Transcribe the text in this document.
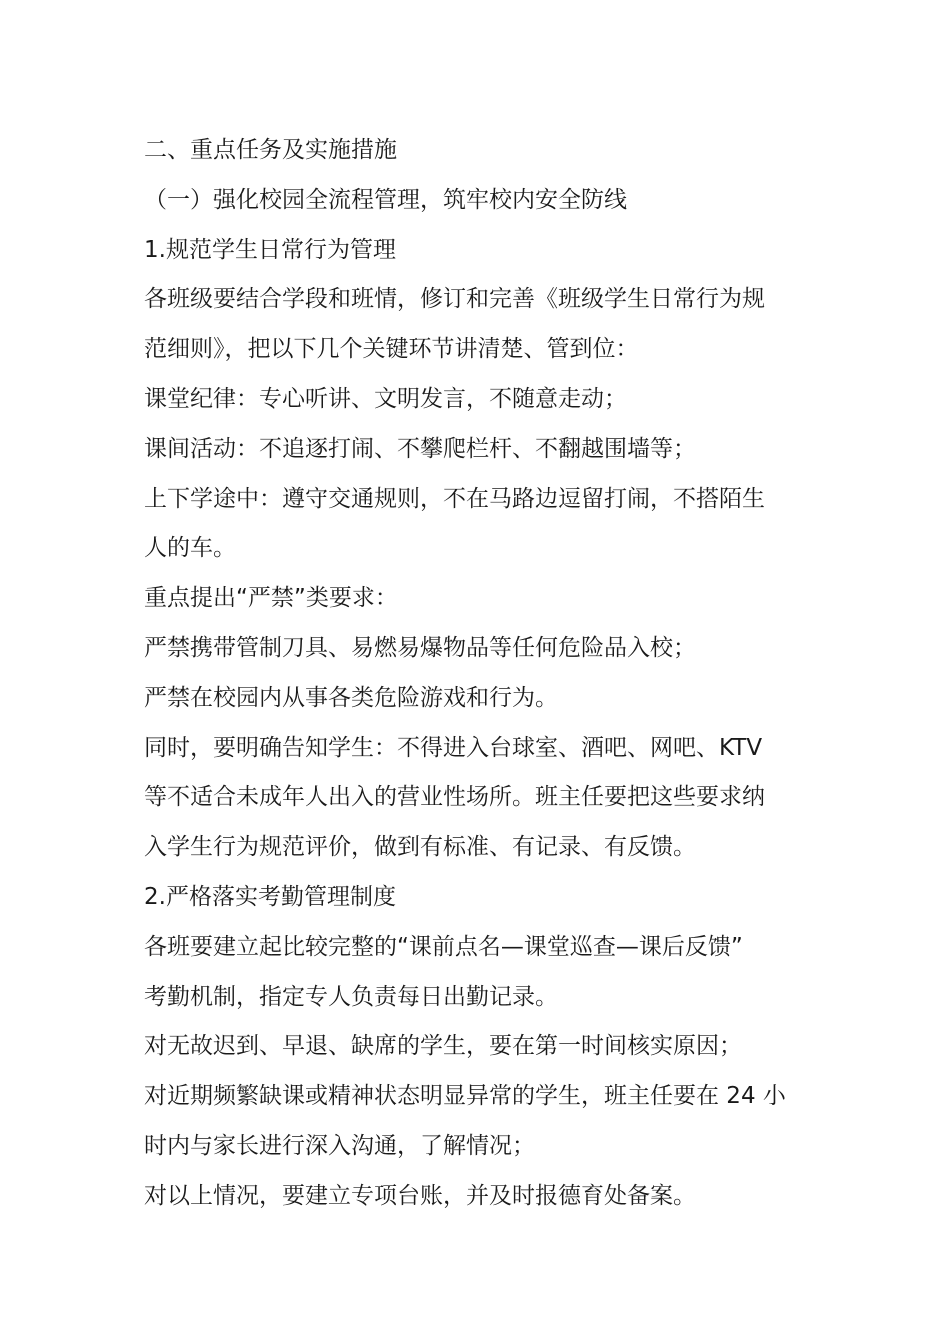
二、重点任务及实施措施

（一）强化校园全流程管理，筑牢校内安全防线

1.规范学生日常行为管理

各班级要结合学段和班情，修订和完善《班级学生日常行为规

范细则》，把以下几个关键环节讲清楚、管到位：

课堂纪律：专心听讲、文明发言，不随意走动；

课间活动：不追逐打闹、不攀爬栏杆、不翻越围墙等；

上下学途中：遵守交通规则，不在马路边逗留打闹，不搭陌生

人的车。

重点提出“严禁”类要求：

严禁携带管制刀具、易燃易爆物品等任何危险品入校；

严禁在校园内从事各类危险游戏和行为。

同时，要明确告知学生：不得进入台球室、酒吧、网吧、KTV

等不适合未成年人出入的营业性场所。班主任要把这些要求纳

入学生行为规范评价，做到有标准、有记录、有反馈。

2.严格落实考勤管理制度

各班要建立起比较完整的“课前点名—课堂巡查—课后反馈”

考勤机制，指定专人负责每日出勤记录。

对无故迟到、早退、缺席的学生，要在第一时间核实原因；

对近期频繁缺课或精神状态明显异常的学生，班主任要在 24 小

时内与家长进行深入沟通，了解情况；

对以上情况，要建立专项台账，并及时报德育处备案。
